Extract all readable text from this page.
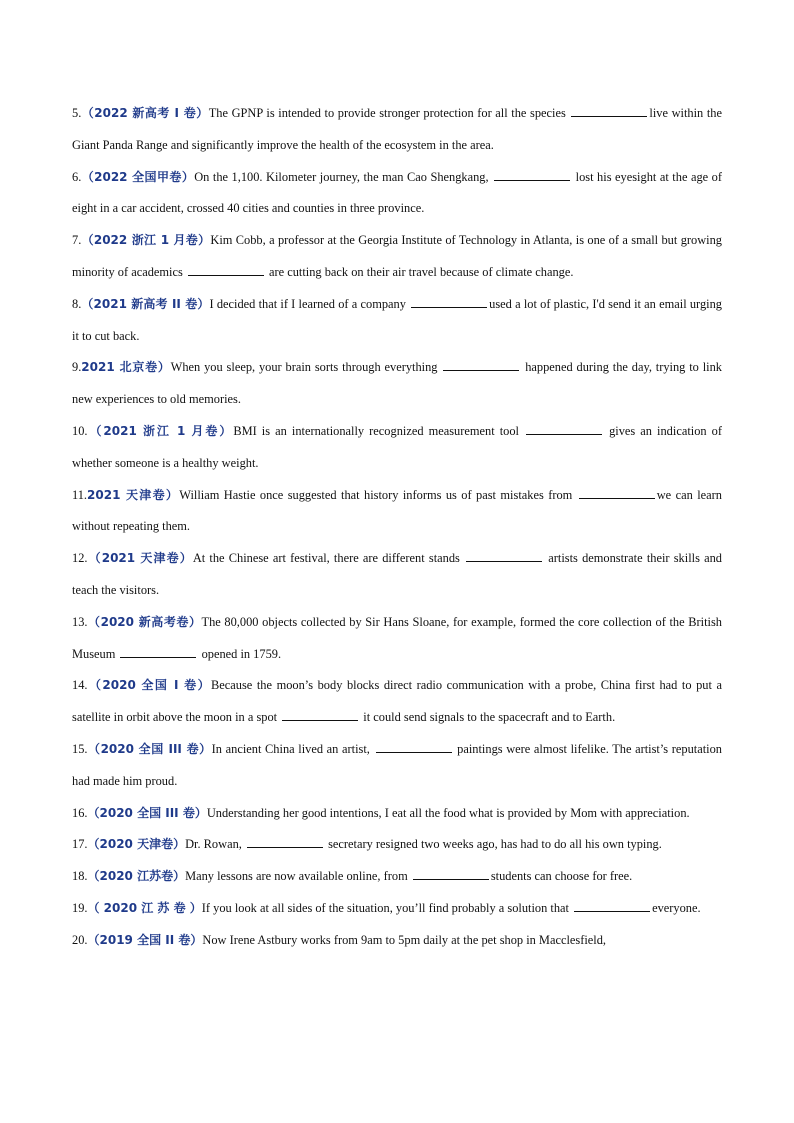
5.（2022 新高考 I 卷）The GPNP is intended to provide stronger protection for all the species	live within the Giant Panda Range and significantly improve the health of the ecosystem in the area.

6.（2022 全国甲卷）On the 1,100. Kilometer journey, the man Cao Shengkang,	lost his eyesight at the age of eight in a car accident, crossed 40 cities and counties in three province.

7.（2022 浙江 1 月卷）Kim Cobb, a professor at the Georgia Institute of Technology in Atlanta, is one of a small but growing minority of academics	are cutting back on their air travel because of climate change.

8.（2021 新高考 II 卷）I decided that if I learned of a company	used a lot of plastic, I'd send it an email urging it to cut back.

9.2021 北京卷）When you sleep, your brain sorts through everything	happened during the day, trying to link new experiences to old memories.

10.（2021 浙江 1 月卷）BMI is an internationally recognized measurement tool	gives an indication of whether someone is a healthy weight.

11.2021 天津卷）William Hastie once suggested that history informs us of past mistakes from	we can learn without repeating them.

12.（2021 天津卷）At the Chinese art festival, there are different stands	artists demonstrate their skills and teach the visitors.

13.（2020 新高考卷）The 80,000 objects collected by Sir Hans Sloane, for example, formed the core collection of the British Museum	opened in 1759.

14.（2020 全国 I 卷）Because the moon’s body blocks direct radio communication with a probe, China first had to put a satellite in orbit above the moon in a spot	it could send signals to the spacecraft and to Earth.

15.（2020 全国 III 卷）In ancient China lived an artist,	paintings were almost lifelike. The artist’s reputation had made him proud.

16.（2020 全国 III 卷）Understanding her good intentions, I eat all the food what is provided by Mom with appreciation.

17.（2020 天津卷）Dr. Rowan,	secretary resigned two weeks ago, has had to do all his own typing.

18.（2020 江苏卷）Many lessons are now available online, from	students can choose for free.

19.（ 2020 江 苏 卷 ）If you look at all sides of the situation, you’ll find probably a solution that	everyone.

20.（2019 全国 II 卷）Now Irene Astbury works from 9am to 5pm daily at the pet shop in Macclesfield,
